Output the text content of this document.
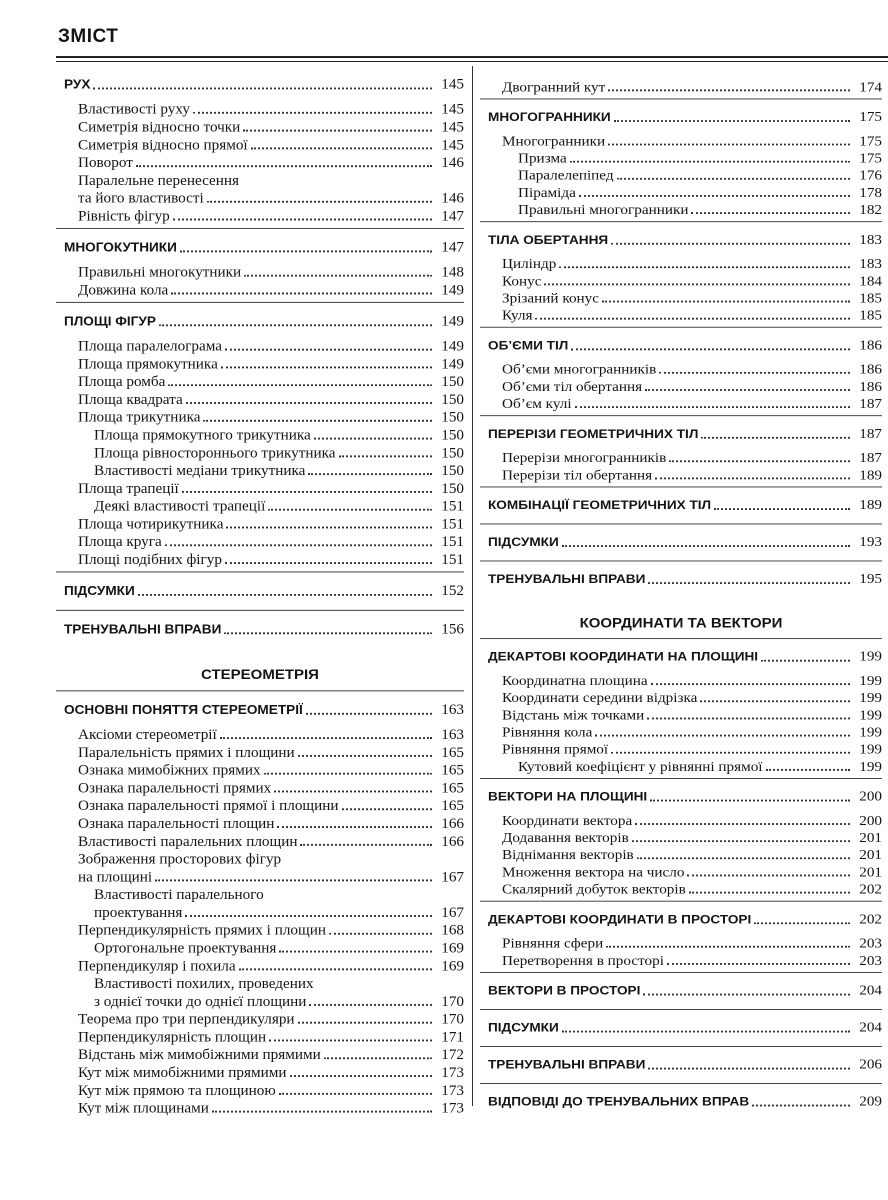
ЗМІСТ
РУХ	145
Властивості руху	145
Симетрія відносно точки	145
Симетрія відносно прямої	145
Поворот	146
Паралельне перенесення
та його властивості	146
Рівність фігур	147
МНОГОКУТНИКИ	147
Правильні многокутники	148
Довжина кола	149
ПЛОЩІ ФІГУР	149
Площа паралелограма	149
Площа прямокутника	149
Площа ромба	150
Площа квадрата	150
Площа трикутника	150
Площа прямокутного трикутника	150
Площа рівностороннього трикутника	150
Властивості медіани трикутника	150
Площа трапеції	150
Деякі властивості трапеції	151
Площа чотирикутника	151
Площа круга	151
Площі подібних фігур	151
ПІДСУМКИ	152
ТРЕНУВАЛЬНІ ВПРАВИ	156
СТЕРЕОМЕТРІЯ
ОСНОВНІ ПОНЯТТЯ СТЕРЕОМЕТРІЇ	163
Аксіоми стереометрії	163
Паралельність прямих і площини	165
Ознака мимобіжних прямих	165
Ознака паралельності прямих	165
Ознака паралельності прямої і площини	165
Ознака паралельності площин	166
Властивості паралельних площин	166
Зображення просторових фігур
на площині	167
Властивості паралельного
проектування	167
Перпендикулярність прямих і площин	168
Ортогональне проектування	169
Перпендикуляр і похила	169
Властивості похилих, проведених
з однієї точки до однієї площини	170
Теорема про три перпендикуляри	170
Перпендикулярність площин	171
Відстань між мимобіжними прямими	172
Кут між мимобіжними прямими	173
Кут між прямою та площиною	173
Кут між площинами	173
Двогранний кут	174
МНОГОГРАННИКИ	175
Многогранники	175
Призма	175
Паралелепіпед	176
Піраміда	178
Правильні многогранники	182
ТІЛА ОБЕРТАННЯ	183
Циліндр	183
Конус	184
Зрізаний конус	185
Куля	185
ОБ’ЄМИ ТІЛ	186
Об’єми многогранників	186
Об’єми тіл обертання	186
Об’єм кулі	187
ПЕРЕРІЗИ ГЕОМЕТРИЧНИХ ТІЛ	187
Перерізи многогранників	187
Перерізи тіл обертання	189
КОМБІНАЦІЇ ГЕОМЕТРИЧНИХ ТІЛ	189
ПІДСУМКИ	193
ТРЕНУВАЛЬНІ ВПРАВИ	195
КООРДИНАТИ ТА ВЕКТОРИ
ДЕКАРТОВІ КООРДИНАТИ НА ПЛОЩИНІ	199
Координатна площина	199
Координати середини відрізка	199
Відстань між точками	199
Рівняння кола	199
Рівняння прямої	199
Кутовий коефіцієнт у рівнянні прямої	199
ВЕКТОРИ НА ПЛОЩИНІ	200
Координати вектора	200
Додавання векторів	201
Віднімання векторів	201
Множення вектора на число	201
Скалярний добуток векторів	202
ДЕКАРТОВІ КООРДИНАТИ В ПРОСТОРІ	202
Рівняння сфери	203
Перетворення в просторі	203
ВЕКТОРИ В ПРОСТОРІ	204
ПІДСУМКИ	204
ТРЕНУВАЛЬНІ ВПРАВИ	206
ВІДПОВІДІ ДО ТРЕНУВАЛЬНИХ ВПРАВ	209
